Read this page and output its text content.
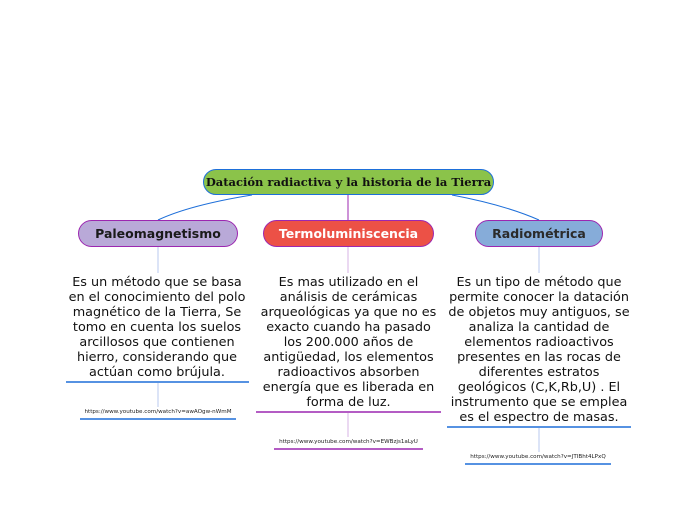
Datación radiactiva y la historia de la Tierra
Paleomagnetismo	Termoluminiscencia	Radiométrica
Es un método que se basa en el conocimiento del polo magnético de la Tierra, Se tomo en cuenta los suelos arcillosos que contienen hierro, considerando que actúan como brújula.
Es mas utilizado en el análisis de cerámicas arqueológicas ya que no es exacto cuando ha pasado los 200.000 años de antigüedad, los elementos radioactivos absorben energía que es liberada en forma de luz.
Es un tipo de método que permite conocer la datación de objetos muy antiguos, se analiza la cantidad de elementos radioactivos presentes en las rocas de diferentes estratos geológicos (C,K,Rb,U) . El instrumento que se emplea es el espectro de masas.
https://www.youtube.com/watch?v=awAOgw-nWmM
https://www.youtube.com/watch?v=EWBzjs1aLyU
https://www.youtube.com/watch?v=JTIBht4LPxQ
